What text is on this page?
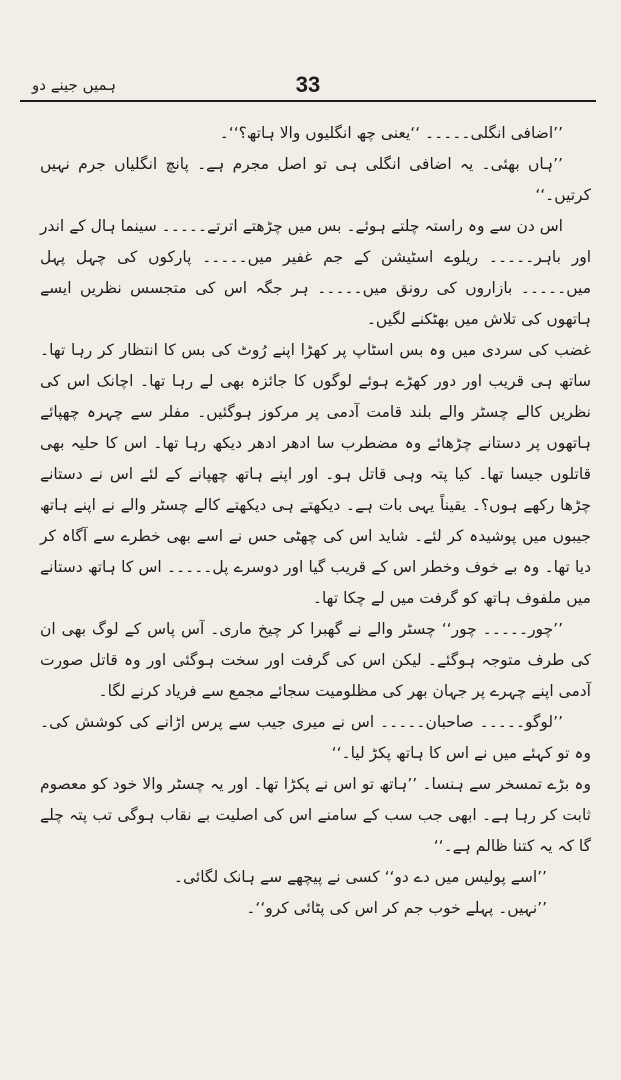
33
ہمیں جینے دو

’’اضافی انگلی۔۔۔۔۔ ‘‘یعنی چھ انگلیوں والا ہاتھ؟‘‘۔

’’ہاں بھئی۔ یہ اضافی انگلی ہی تو اصل مجرم ہے۔ پانچ انگلیاں جرم نہیں کرتیں۔‘‘

اس دن سے وہ راستہ چلتے ہوئے۔ بس میں چڑھتے اترتے۔۔۔۔۔ سینما ہال کے اندر اور باہر۔۔۔۔۔ ریلوے اسٹیشن کے جم غفیر میں۔۔۔۔۔ پارکوں کی چہل پہل میں۔۔۔۔۔ بازاروں کی رونق میں۔۔۔۔۔ ہر جگہ اس کی متجسس نظریں ایسے ہاتھوں کی تلاش میں بھٹکنے لگیں۔

غضب کی سردی میں وہ بس اسٹاپ پر کھڑا اپنے رُوٹ کی بس کا انتظار کر رہا تھا۔ ساتھ ہی قریب اور دور کھڑے ہوئے لوگوں کا جائزہ بھی لے رہا تھا۔ اچانک اس کی نظریں کالے چسٹر والے بلند قامت آدمی پر مرکوز ہوگئیں۔ مفلر سے چہرہ چھپائے ہاتھوں پر دستانے چڑھائے وہ مضطرب سا ادھر ادھر دیکھ رہا تھا۔ اس کا حلیہ بھی قاتلوں جیسا تھا۔ کیا پتہ وہی قاتل ہو۔ اور اپنے ہاتھ چھپانے کے لئے اس نے دستانے چڑھا رکھے ہوں؟۔ یقیناً یہی بات ہے۔ دیکھتے ہی دیکھتے کالے چسٹر والے نے اپنے ہاتھ جیبوں میں پوشیدہ کر لئے۔ شاید اس کی چھٹی حس نے اسے بھی خطرے سے آگاہ کر دیا تھا۔ وہ بے خوف وخطر اس کے قریب گیا اور دوسرے پل۔۔۔۔۔ اس کا ہاتھ دستانے میں ملفوف ہاتھ کو گرفت میں لے چکا تھا۔

’’چور۔۔۔۔۔ چور‘‘ چسٹر والے نے گھبرا کر چیخ ماری۔ آس پاس کے لوگ بھی ان کی طرف متوجہ ہوگئے۔ لیکن اس کی گرفت اور سخت ہوگئی اور وہ قاتل صورت آدمی اپنے چہرے پر جہان بھر کی مظلومیت سجائے مجمع سے فریاد کرنے لگا۔

’’لوگو۔۔۔۔۔ صاحبان۔۔۔۔۔ اس نے میری جیب سے پرس اڑانے کی کوشش کی۔ وہ تو کہئے میں نے اس کا ہاتھ پکڑ لیا۔‘‘

وہ بڑے تمسخر سے ہنسا۔ ’’ہاتھ تو اس نے پکڑا تھا۔ اور یہ چسٹر والا خود کو معصوم ثابت کر رہا ہے۔ ابھی جب سب کے سامنے اس کی اصلیت بے نقاب ہوگی تب پتہ چلے گا کہ یہ کتنا ظالم ہے۔‘‘

’’اسے پولیس میں دے دو‘‘ کسی نے پیچھے سے ہانک لگائی۔

’’نہیں۔ پہلے خوب جم کر اس کی پٹائی کرو‘‘۔
